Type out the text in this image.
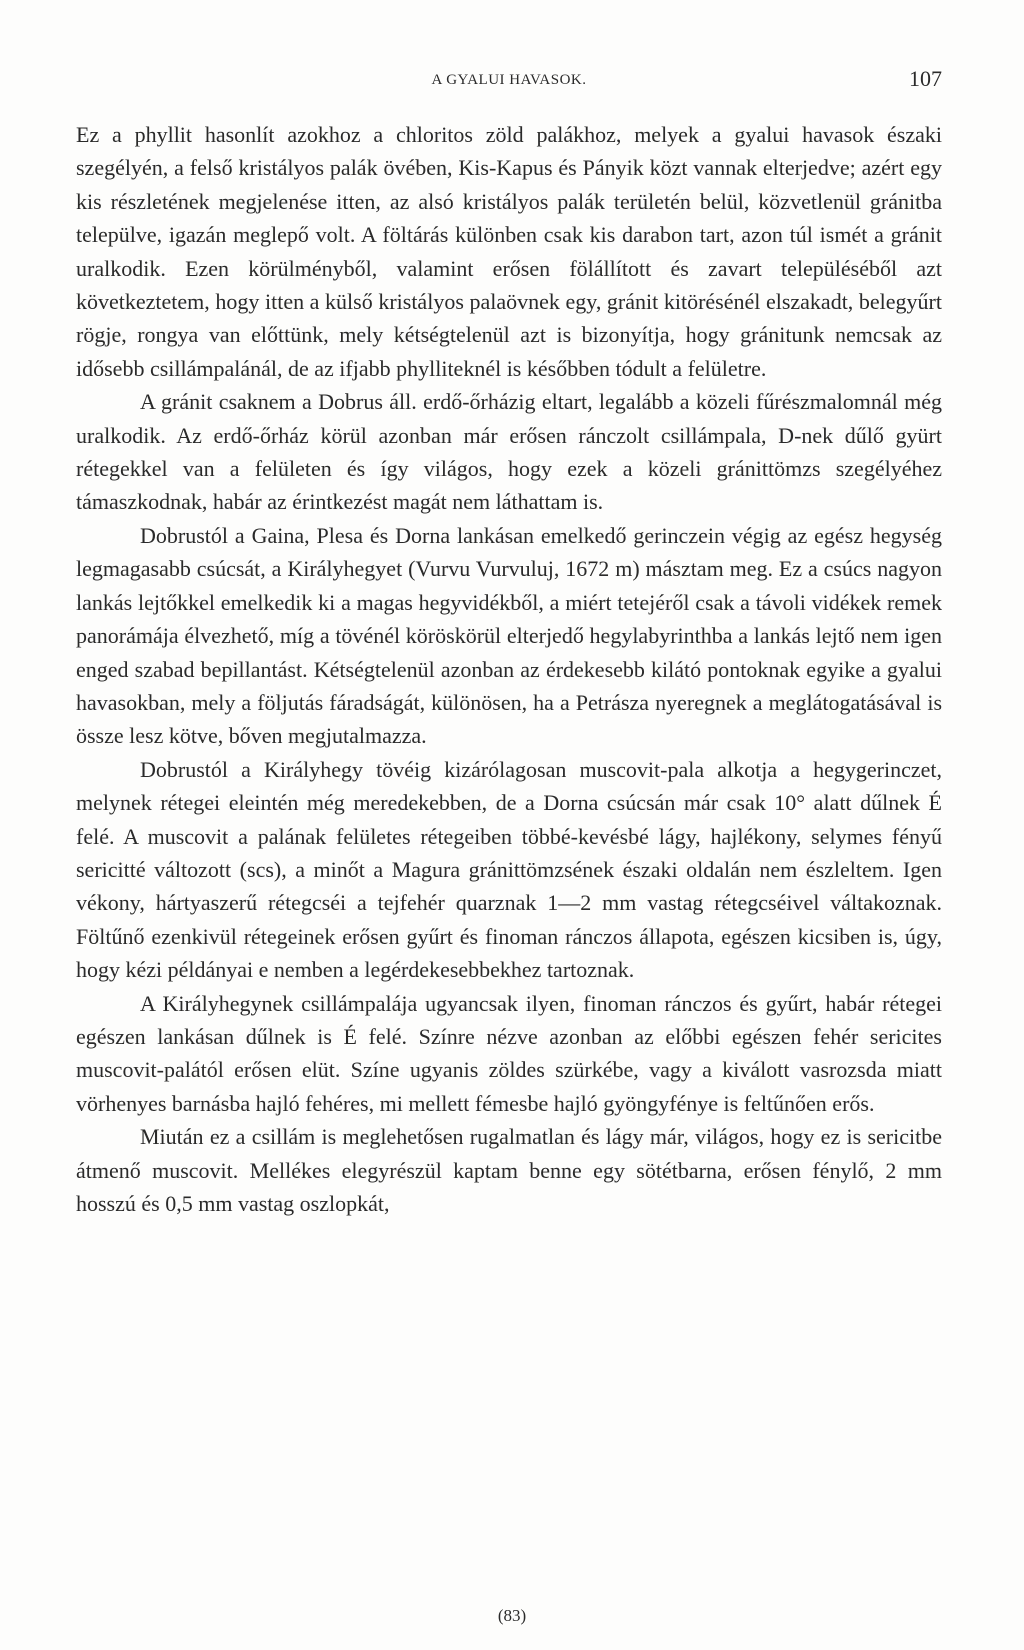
A GYALUI HAVASOK.	107

Ez a phyllit hasonlít azokhoz a chloritos zöld palákhoz, melyek a gyalui havasok északi szegélyén, a felső kristályos palák övében, Kis-Kapus és Pányik közt vannak elterjedve; azért egy kis részletének megjelenése itten, az alsó kristályos palák területén belül, közvetlenül gránitba települve, igazán meglepő volt. A föltárás különben csak kis darabon tart, azon túl ismét a gránit uralkodik. Ezen körülményből, valamint erősen fölállított és zavart településéből azt következtetem, hogy itten a külső kristályos palaövnek egy, gránit kitörésénél elszakadt, belegyűrt rögje, rongya van előttünk, mely kétségtelenül azt is bizonyítja, hogy gránitunk nemcsak az idősebb csillámpalánál, de az ifjabb phylliteknél is későbben tódult a felületre.

A gránit csaknem a Dobrus áll. erdő-őrházig eltart, legalább a közeli fűrészmalomnál még uralkodik. Az erdő-őrház körül azonban már erősen ránczolt csillámpala, D-nek dűlő gyürt rétegekkel van a felületen és így világos, hogy ezek a közeli gránittömzs szegélyéhez támaszkodnak, habár az érintkezést magát nem láthattam is.

Dobrustól a Gaina, Plesa és Dorna lankásan emelkedő gerinczein végig az egész hegység legmagasabb csúcsát, a Királyhegyet (Vurvu Vurvuluj, 1672 m) másztam meg. Ez a csúcs nagyon lankás lejtőkkel emelkedik ki a magas hegyvidékből, a miért tetejéről csak a távoli vidékek remek panorámája élvezhető, míg a tövénél köröskörül elterjedő hegylabyrinthba a lankás lejtő nem igen enged szabad bepillantást. Kétségtelenül azonban az érdekesebb kilátó pontoknak egyike a gyalui havasokban, mely a följutás fáradságát, különösen, ha a Petrásza nyeregnek a meglátogatásával is össze lesz kötve, bőven megjutalmazza.

Dobrustól a Királyhegy tövéig kizárólagosan muscovit-pala alkotja a hegygerinczet, melynek rétegei eleintén még meredekebben, de a Dorna csúcsán már csak 10° alatt dűlnek É felé. A muscovit a palának felületes rétegeiben többé-kevésbé lágy, hajlékony, selymes fényű sericitté változott (scs), a minőt a Magura gránittömzsének északi oldalán nem észleltem. Igen vékony, hártyaszerű rétegcséi a tejfehér quarznak 1—2 mm vastag rétegcséivel váltakoznak. Föltűnő ezenkivül rétegeinek erősen gyűrt és finoman ránczos állapota, egészen kicsiben is, úgy, hogy kézi példányai e nemben a legérdekesebbekhez tartoznak.

A Királyhegynek csillámpalája ugyancsak ilyen, finoman ránczos és gyűrt, habár rétegei egészen lankásan dűlnek is É felé. Színre nézve azonban az előbbi egészen fehér sericites muscovit-palától erősen elüt. Színe ugyanis zöldes szürkébe, vagy a kiválott vasrozsda miatt vörhenyes barnásba hajló fehéres, mi mellett fémesbe hajló gyöngyfénye is feltűnően erős.

Miután ez a csillám is meglehetősen rugalmatlan és lágy már, világos, hogy ez is sericitbe átmenő muscovit. Mellékes elegyrészül kaptam benne egy sötétbarna, erősen fénylő, 2 mm hosszú és 0,5 mm vastag oszlopkát,

(83)
